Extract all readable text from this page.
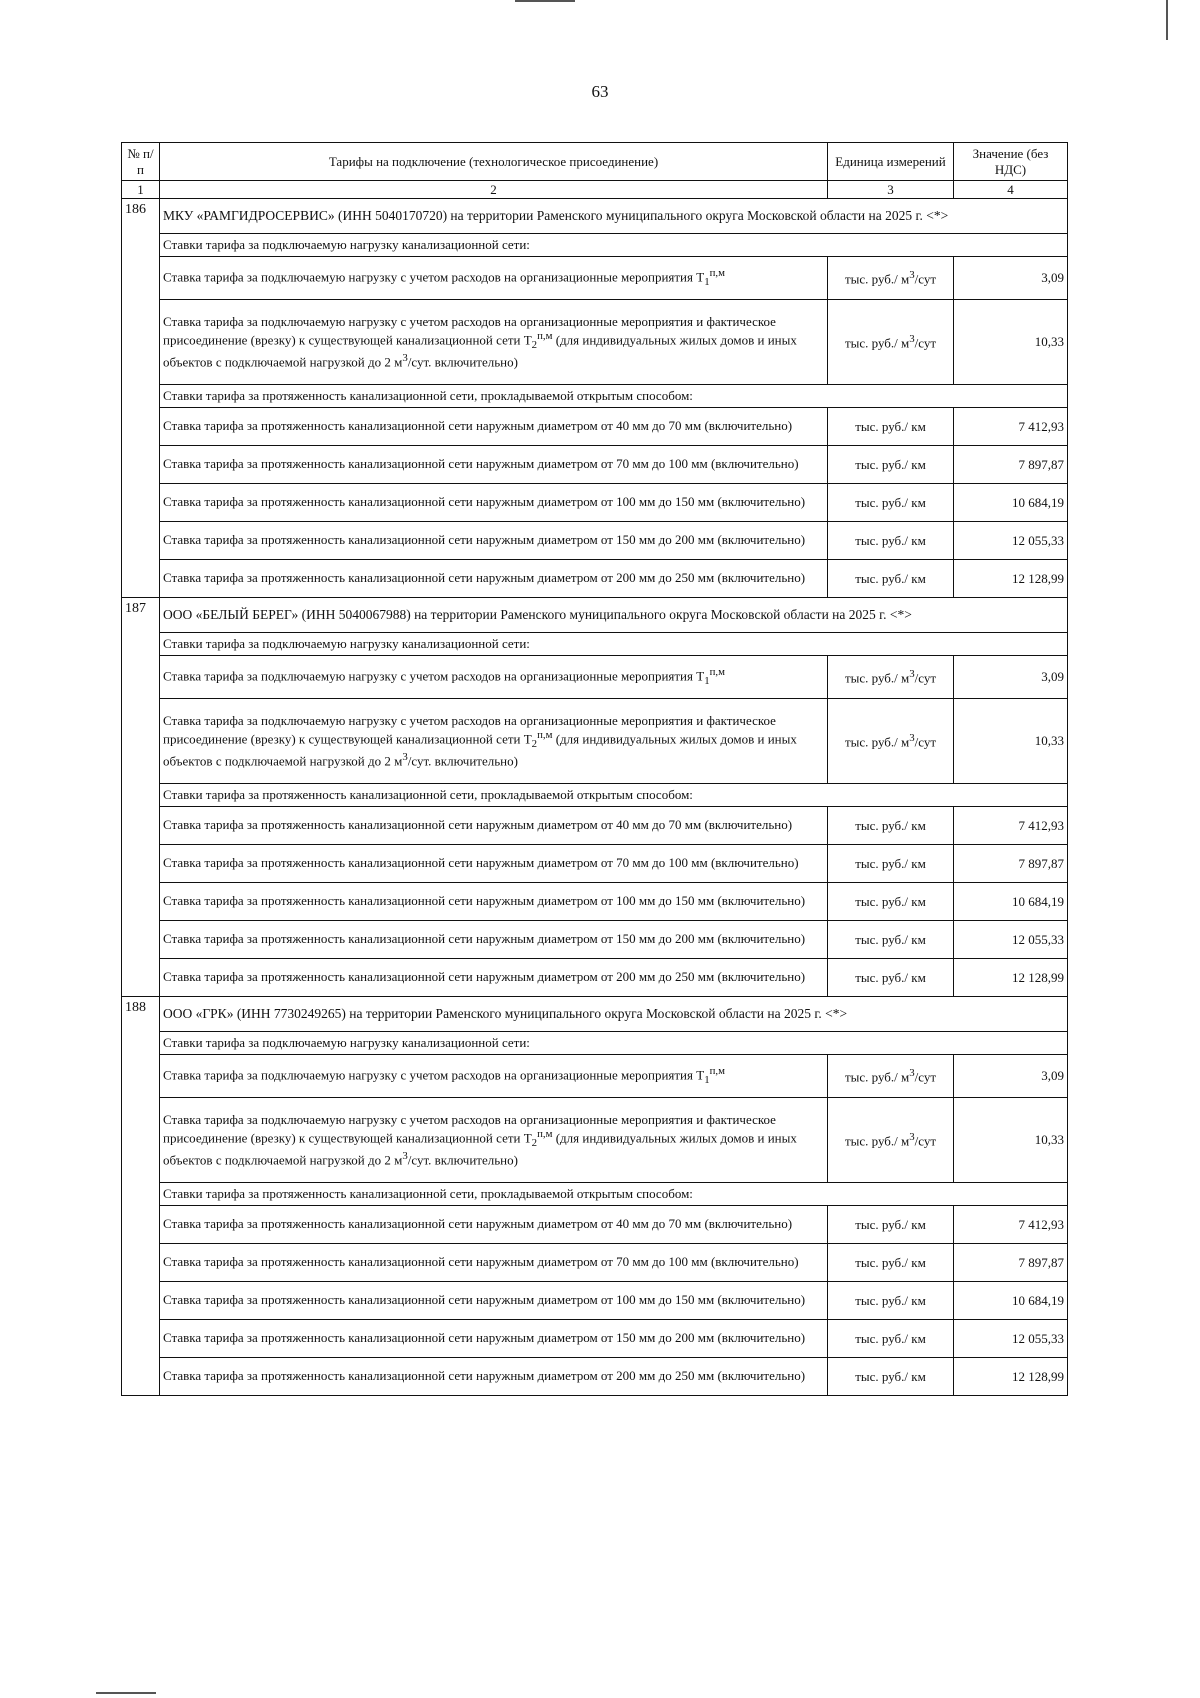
63
№ п/п	Тарифы на подключение (технологическое присоединение)	Единица измерений	Значение (без НДС)
1	2	3	4
186	МКУ «РАМГИДРОСЕРВИС» (ИНН 5040170720) на территории Раменского муниципального округа Московской области на 2025 г. <*>		
	Ставки тарифа за подключаемую нагрузку канализационной сети:		
	Ставка тарифа за подключаемую нагрузку с учетом расходов на организационные мероприятия $Т_1^{п,м}$	тыс. руб./ $м^3$/сут	3,09
	Ставка тарифа за подключаемую нагрузку с учетом расходов на организационные мероприятия и фактическое присоединение (врезку) к существующей канализационной сети $Т_2^{п,м}$ (для индивидуальных жилых домов и иных объектов с подключаемой нагрузкой до 2 $м^3$/сут. включительно)	тыс. руб./ $м^3$/сут	10,33
	Ставки тарифа за протяженность канализационной сети, прокладываемой открытым способом:		
	Ставка тарифа за протяженность канализационной сети наружным диаметром от 40 мм до 70 мм (включительно)	тыс. руб./ км	7 412,93
	Ставка тарифа за протяженность канализационной сети наружным диаметром от 70 мм до 100 мм (включительно)	тыс. руб./ км	7 897,87
	Ставка тарифа за протяженность канализационной сети наружным диаметром от 100 мм до 150 мм (включительно)	тыс. руб./ км	10 684,19
	Ставка тарифа за протяженность канализационной сети наружным диаметром от 150 мм до 200 мм (включительно)	тыс. руб./ км	12 055,33
	Ставка тарифа за протяженность канализационной сети наружным диаметром от 200 мм до 250 мм (включительно)	тыс. руб./ км	12 128,99
187	ООО «БЕЛЫЙ БЕРЕГ» (ИНН 5040067988) на территории Раменского муниципального округа Московской области на 2025 г. <*>		
	Ставки тарифа за подключаемую нагрузку канализационной сети:		
	Ставка тарифа за подключаемую нагрузку с учетом расходов на организационные мероприятия $Т_1^{п,м}$	тыс. руб./ $м^3$/сут	3,09
	Ставка тарифа за подключаемую нагрузку с учетом расходов на организационные мероприятия и фактическое присоединение (врезку) к существующей канализационной сети $Т_2^{п,м}$ (для индивидуальных жилых домов и иных объектов с подключаемой нагрузкой до 2 $м^3$/сут. включительно)	тыс. руб./ $м^3$/сут	10,33
	Ставки тарифа за протяженность канализационной сети, прокладываемой открытым способом:		
	Ставка тарифа за протяженность канализационной сети наружным диаметром от 40 мм до 70 мм (включительно)	тыс. руб./ км	7 412,93
	Ставка тарифа за протяженность канализационной сети наружным диаметром от 70 мм до 100 мм (включительно)	тыс. руб./ км	7 897,87
	Ставка тарифа за протяженность канализационной сети наружным диаметром от 100 мм до 150 мм (включительно)	тыс. руб./ км	10 684,19
	Ставка тарифа за протяженность канализационной сети наружным диаметром от 150 мм до 200 мм (включительно)	тыс. руб./ км	12 055,33
	Ставка тарифа за протяженность канализационной сети наружным диаметром от 200 мм до 250 мм (включительно)	тыс. руб./ км	12 128,99
188	ООО «ГРК» (ИНН 7730249265) на территории Раменского муниципального округа Московской области на 2025 г. <*>		
	Ставки тарифа за подключаемую нагрузку канализационной сети:		
	Ставка тарифа за подключаемую нагрузку с учетом расходов на организационные мероприятия $Т_1^{п,м}$	тыс. руб./ $м^3$/сут	3,09
	Ставка тарифа за подключаемую нагрузку с учетом расходов на организационные мероприятия и фактическое присоединение (врезку) к существующей канализационной сети $Т_2^{п,м}$ (для индивидуальных жилых домов и иных объектов с подключаемой нагрузкой до 2 $м^3$/сут. включительно)	тыс. руб./ $м^3$/сут	10,33
	Ставки тарифа за протяженность канализационной сети, прокладываемой открытым способом:		
	Ставка тарифа за протяженность канализационной сети наружным диаметром от 40 мм до 70 мм (включительно)	тыс. руб./ км	7 412,93
	Ставка тарифа за протяженность канализационной сети наружным диаметром от 70 мм до 100 мм (включительно)	тыс. руб./ км	7 897,87
	Ставка тарифа за протяженность канализационной сети наружным диаметром от 100 мм до 150 мм (включительно)	тыс. руб./ км	10 684,19
	Ставка тарифа за протяженность канализационной сети наружным диаметром от 150 мм до 200 мм (включительно)	тыс. руб./ км	12 055,33
	Ставка тарифа за протяженность канализационной сети наружным диаметром от 200 мм до 250 мм (включительно)	тыс. руб./ км	12 128,99
